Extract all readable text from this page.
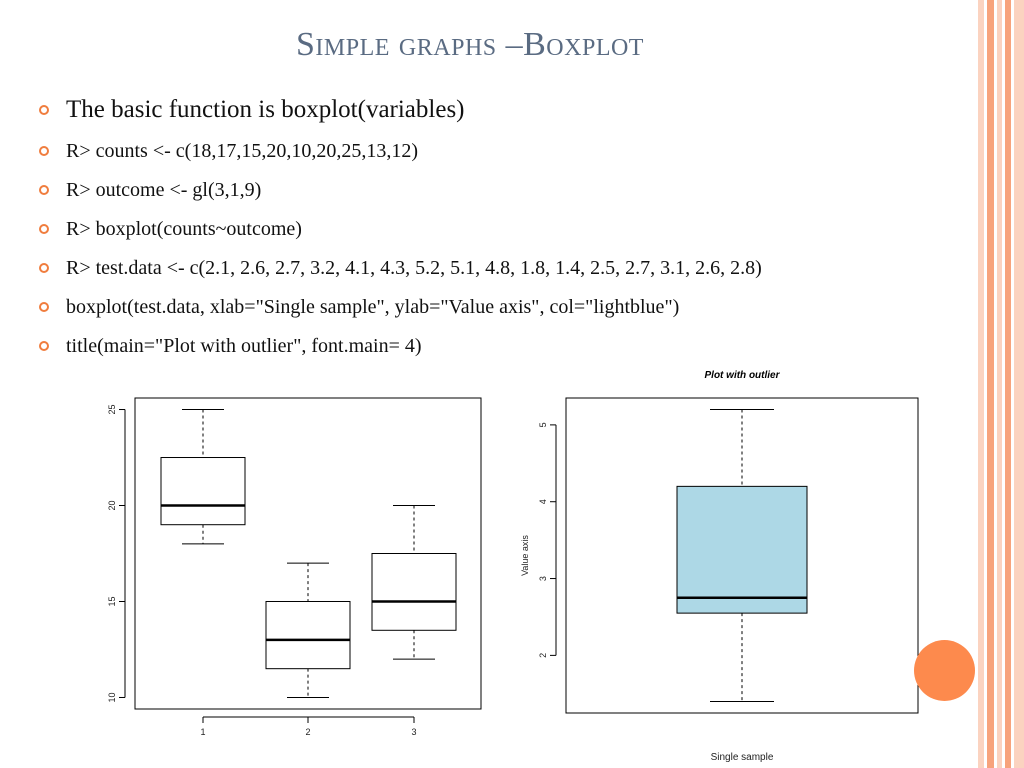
Simple graphs –Boxplot
The basic function is boxplot(variables)
R> counts <- c(18,17,15,20,10,20,25,13,12)
R> outcome <- gl(3,1,9)
R> boxplot(counts~outcome)
R> test.data <- c(2.1, 2.6, 2.7, 3.2, 4.1, 4.3, 5.2, 5.1, 4.8, 1.8, 1.4, 2.5, 2.7, 3.1, 2.6, 2.8)
boxplot(test.data, xlab="Single sample", ylab="Value axis", col="lightblue")
title(main="Plot with outlier", font.main= 4)
10
15
20
25
1	2	3
2
3
4
5
Plot with outlier
Single sample
Value axis
